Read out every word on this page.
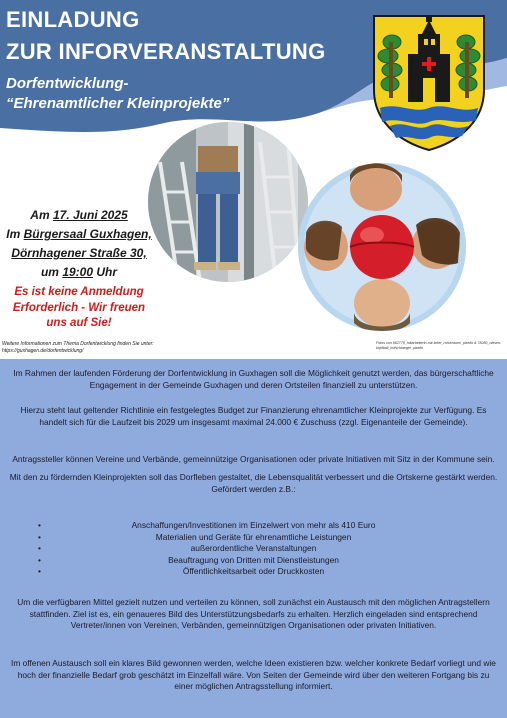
EINLADUNG
ZUR INFORVERANSTALTUNG
Dorfentwicklung-
“Ehrenamtlicher Kleinprojekte”
Am 17. Juni 2025
Im Bürgersaal Guxhagen,
Dörnhagener Straße 30,
um 19:00 Uhr
Es ist keine Anmeldung Erforderlich - Wir freuen uns auf Sie!
Weitere Informationen zum Thema Dorfentwicklung finden Sie unter:
https://guxhagen.de/dorfentwicklung/
Fotos von 962775_mitarbeiterin-mit-leiter_rorsenturm_pixelio & 78280_niesen-kopfball_hofschlaeger_pixelio
Im Rahmen der laufenden Förderung der Dorfentwicklung in Guxhagen soll die Möglichkeit genutzt werden, das bürgerschaftliche Engagement in der Gemeinde Guxhagen und deren Ortsteilen finanziell zu unterstützen.
Hierzu steht laut geltender Richtlinie ein festgelegtes Budget zur Finanzierung ehrenamtlicher Kleinprojekte zur Verfügung. Es handelt sich für die Laufzeit bis 2029 um insgesamt maximal 24.000 € Zuschuss (zzgl. Eigenanteile der Gemeinde).
Antragssteller können Vereine und Verbände, gemeinnützige Organisationen oder private Initiativen mit Sitz in der Kommune sein.
Mit den zu fördernden Kleinprojekten soll das Dorfleben gestaltet, die Lebensqualität verbessert und die Ortskerne gestärkt werden. Gefördert werden z.B.:
•	Anschaffungen/Investitionen im Einzelwert von mehr als 410 Euro
•	Materialien und Geräte für ehrenamtliche Leistungen
•	außerordentliche Veranstaltungen
•	Beauftragung von Dritten mit Dienstleistungen
•	Öffentlichkeitsarbeit oder Druckkosten
Um die verfügbaren Mittel gezielt nutzen und verteilen zu können, soll zunächst ein Austausch mit den möglichen Antragstellern stattfinden. Ziel ist es, ein genaueres Bild des Unterstützungsbedarfs zu erhalten. Herzlich eingeladen sind entsprechend Vertreter/innen von Vereinen, Verbänden, gemeinnützigen Organisationen oder privaten Initiativen.
Im offenen Austausch soll ein klares Bild gewonnen werden, welche Ideen existieren bzw. welcher konkrete Bedarf vorliegt und wie hoch der finanzielle Bedarf grob geschätzt im Einzelfall wäre. Von Seiten der Gemeinde wird über den weiteren Fortgang bis zu einer möglichen Antragsstellung informiert.
